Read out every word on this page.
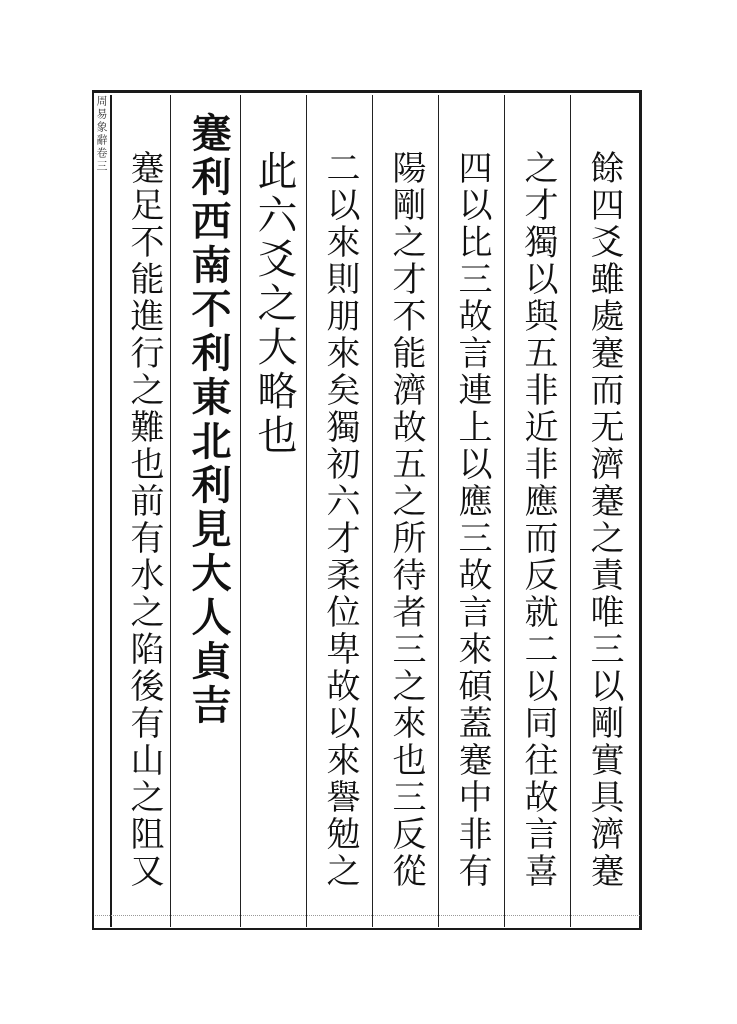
周易象辭卷三
餘四爻雖處蹇而无濟蹇之責唯三以剛實具濟蹇
之才獨以與五非近非應而反就二以同往故言喜
四以比三故言連上以應三故言來碩蓋蹇中非有
陽剛之才不能濟故五之所待者三之來也三反從
二以來則朋來矣獨初六才柔位卑故以來譽勉之
此六爻之大略也
蹇利西南不利東北利見大人貞吉
蹇足不能進行之難也前有水之陷後有山之阻又
